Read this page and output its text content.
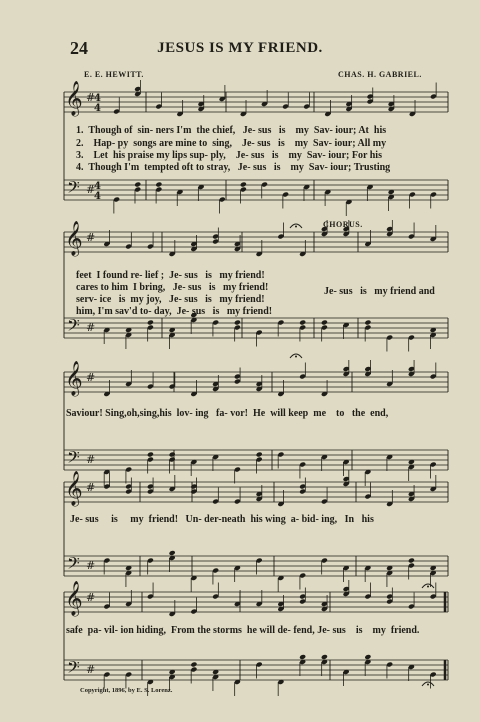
𝄞
𝄢
#
#
4
4
4
4
𝄞
𝄢
#
#
𝄞
𝄢
#
#
𝄞
𝄢
#
#
𝄞
𝄢
#
#
24	JESUS IS MY FRIEND.
E. E. HEWITT.	CHAS. H. GABRIEL.
1.  Though of  sin- ners I'm  the chief,   Je- sus   is    my  Sav- iour; At  his
2.    Hap- py  songs are mine to  sing,    Je- sus   is    my  Sav- iour; All my
3.    Let  his praise my lips sup- ply,    Je- sus   is    my  Sav- iour; For his
4.  Though I'm  tempted oft to stray,   Je- sus   is    my  Sav- iour; Trusting
CHORUS.
feet  I found re- lief ;  Je- sus   is   my friend!
cares to him  I bring,   Je- sus   is   my friend!
serv- ice   is  my joy,   Je- sus   is   my friend!
him, I'm sav'd to- day,  Je- sus   is   my friend!
Je- sus   is   my friend and
Saviour! Sing,oh,sing,his  lov- ing   fa- vor!  He  will keep  me    to   the  end,
Je- sus     is     my  friend!   Un- der-neath  his wing  a- bid- ing,   In   his
safe  pa- vil- ion hiding,  From the storms  he will de- fend, Je- sus    is    my  friend.
Copyright, 1896, by E. S. Lorenz.
